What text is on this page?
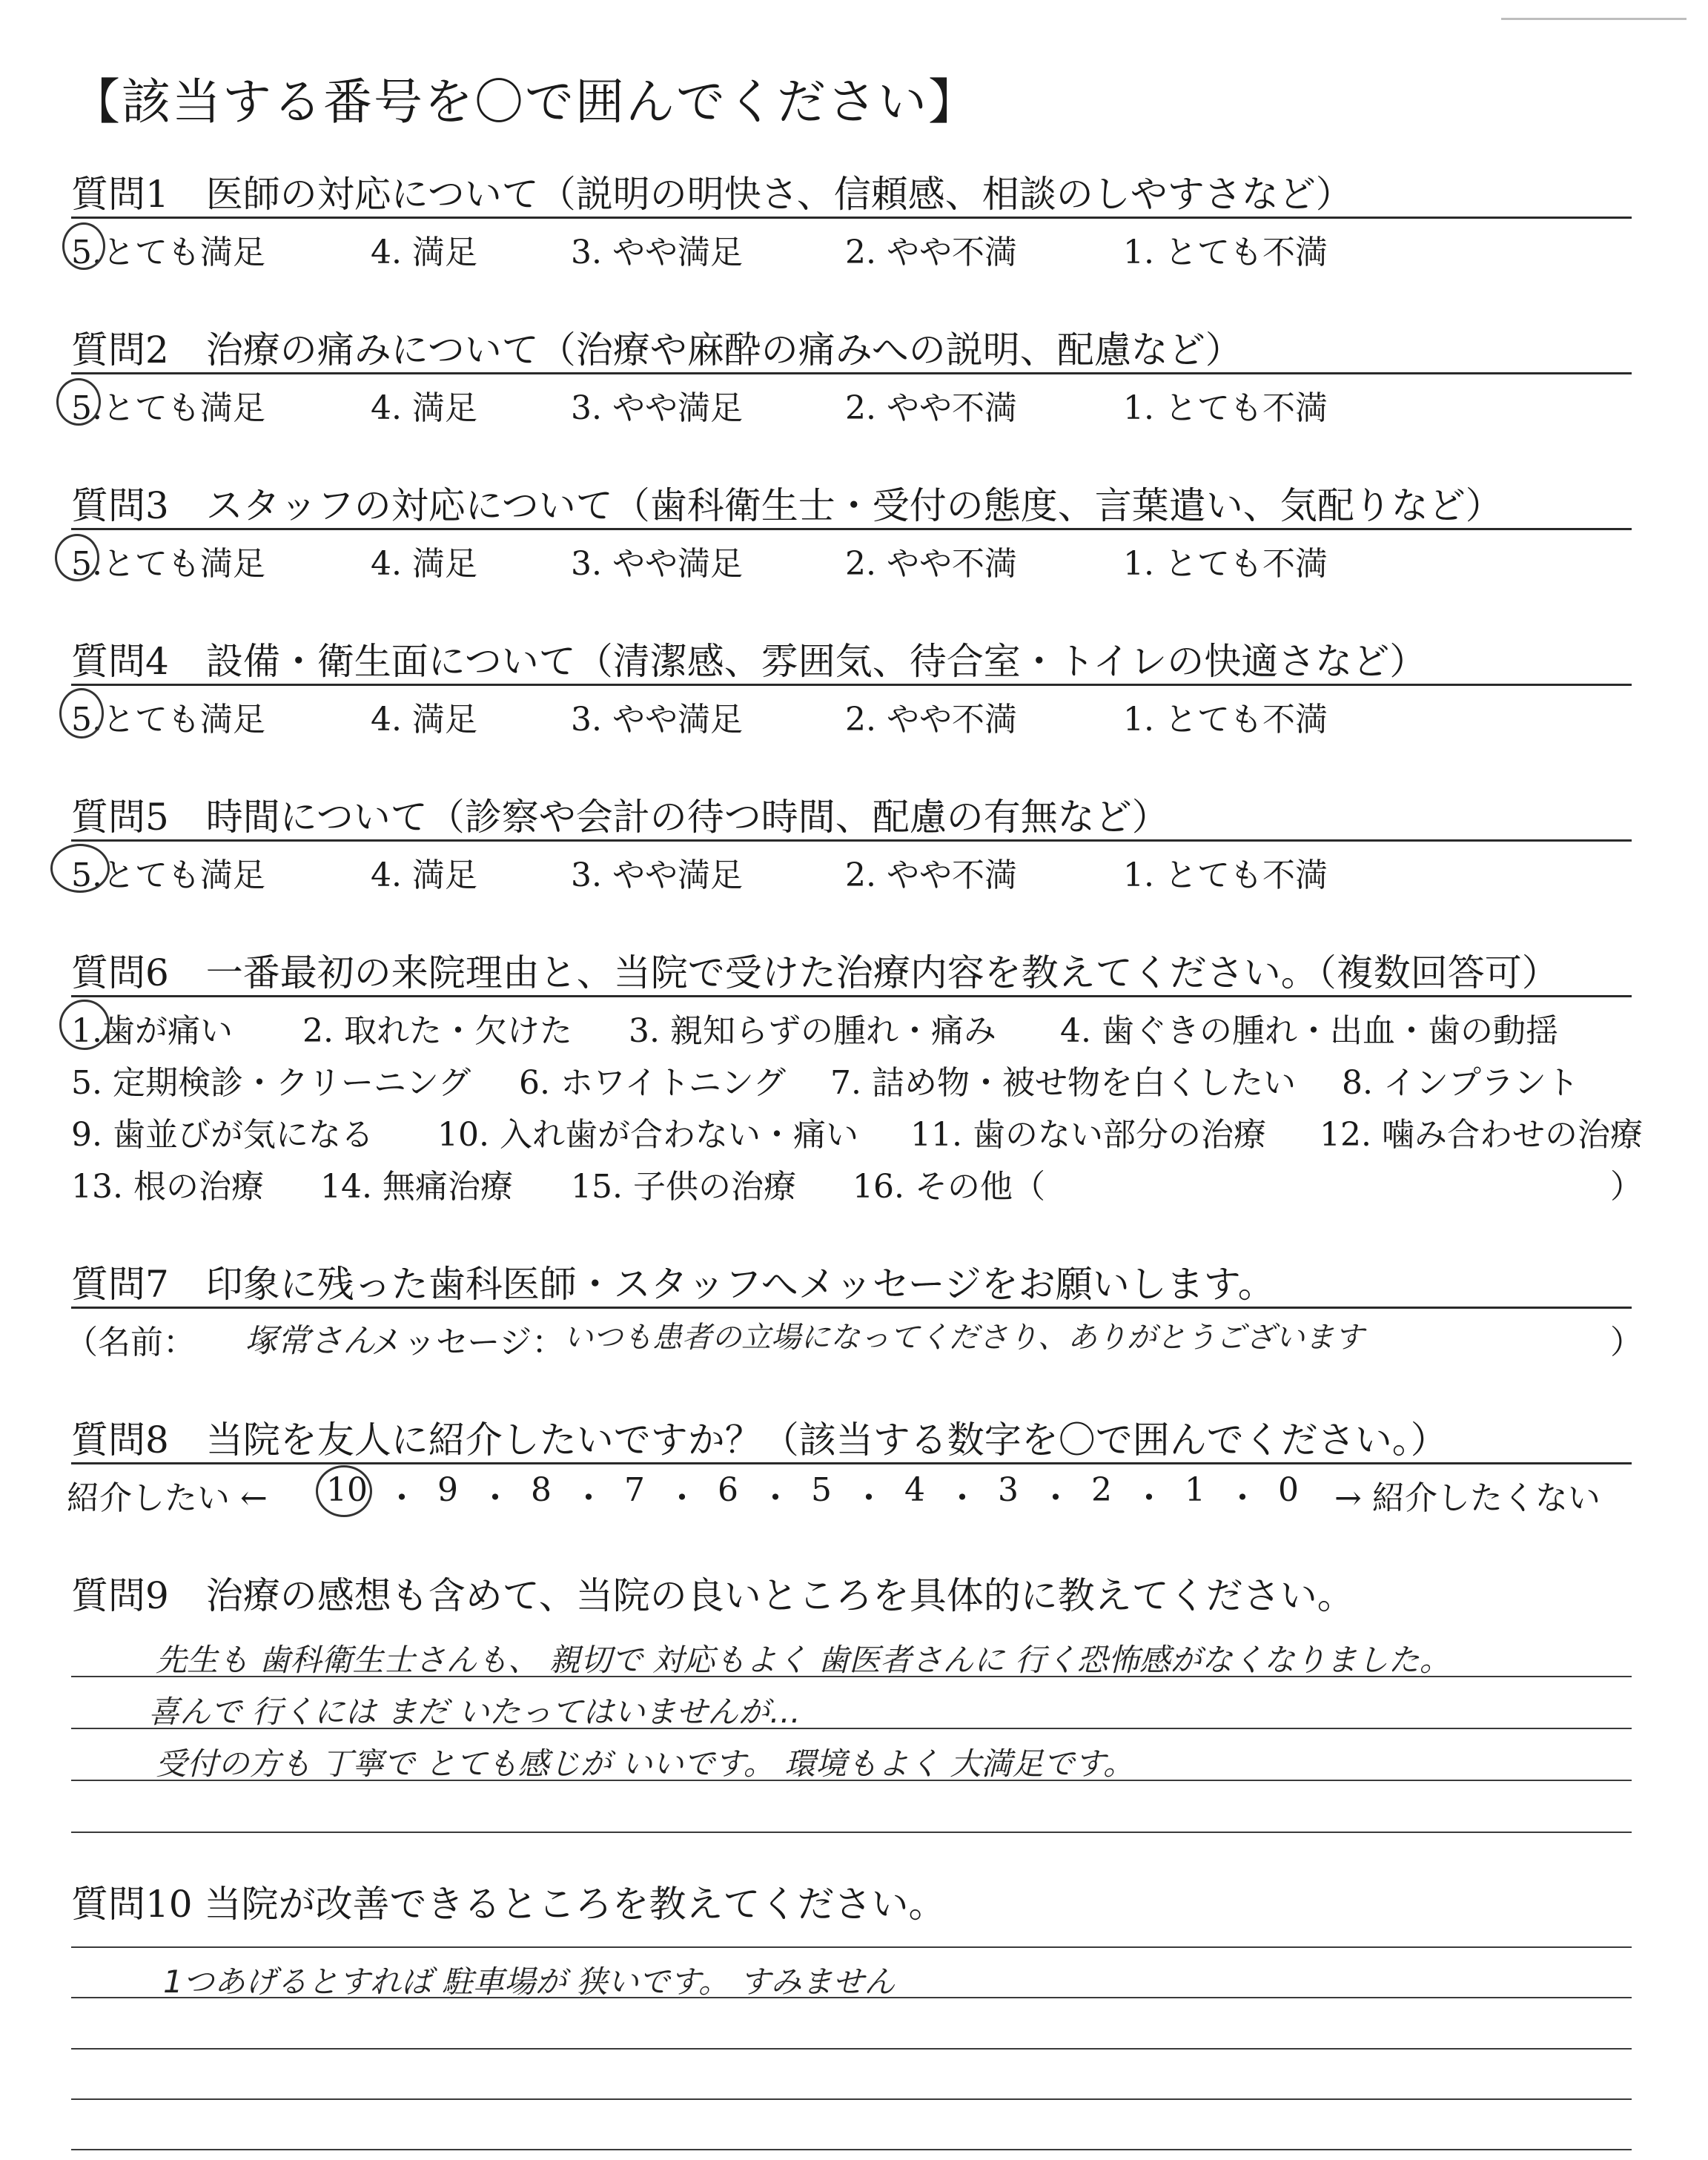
【該当する番号を〇で囲んでください】
質問1　医師の対応について（説明の明快さ、信頼感、相談のしやすさなど）
5.とても満足	4. 満足	3. やや満足	2. やや不満	1. とても不満
質問2　治療の痛みについて（治療や麻酔の痛みへの説明、配慮など）
5.とても満足	4. 満足	3. やや満足	2. やや不満	1. とても不満
質問3　スタッフの対応について（歯科衛生士・受付の態度、言葉遣い、気配りなど）
5.とても満足	4. 満足	3. やや満足	2. やや不満	1. とても不満
質問4　設備・衛生面について（清潔感、雰囲気、待合室・トイレの快適さなど）
5.とても満足	4. 満足	3. やや満足	2. やや不満	1. とても不満
質問5　時間について（診察や会計の待つ時間、配慮の有無など）
5.とても満足	4. 満足	3. やや満足	2. やや不満	1. とても不満
質問6　一番最初の来院理由と、当院で受けた治療内容を教えてください。（複数回答可）
1.歯が痛い 2. 取れた・欠けた 3. 親知らずの腫れ・痛み 4. 歯ぐきの腫れ・出血・歯の動揺
5. 定期検診・クリーニング 6. ホワイトニング 7. 詰め物・被せ物を白くしたい 8. インプラント
9. 歯並びが気になる 10. 入れ歯が合わない・痛い 11. 歯のない部分の治療 12. 噛み合わせの治療
13. 根の治療 14. 無痛治療 15. 子供の治療 16. その他（	）
質問7　印象に残った歯科医師・スタッフへメッセージをお願いします。
（名前： 塚常さん
メッセージ：
いつも患者の立場になってくださり、ありがとうございます	）
質問8　当院を友人に紹介したいですか？（該当する数字を〇で囲んでください。）
紹介したい ← 10 9 8 7 6 5 4 3 2 1 0
・ ・ ・ ・ ・ ・ ・ ・ ・ ・ → 紹介したくない
質問9　治療の感想も含めて、当院の良いところを具体的に教えてください。
先生も 歯科衛生士さんも、 親切で 対応もよく 歯医者さんに 行く恐怖感がなくなりました。
喜んで 行くには まだ いたってはいませんが…
受付の方も 丁寧で とても感じが いいです。 環境もよく 大満足です。
質問10 当院が改善できるところを教えてください。
1つあげるとすれば 駐車場が 狭いです。 すみません
